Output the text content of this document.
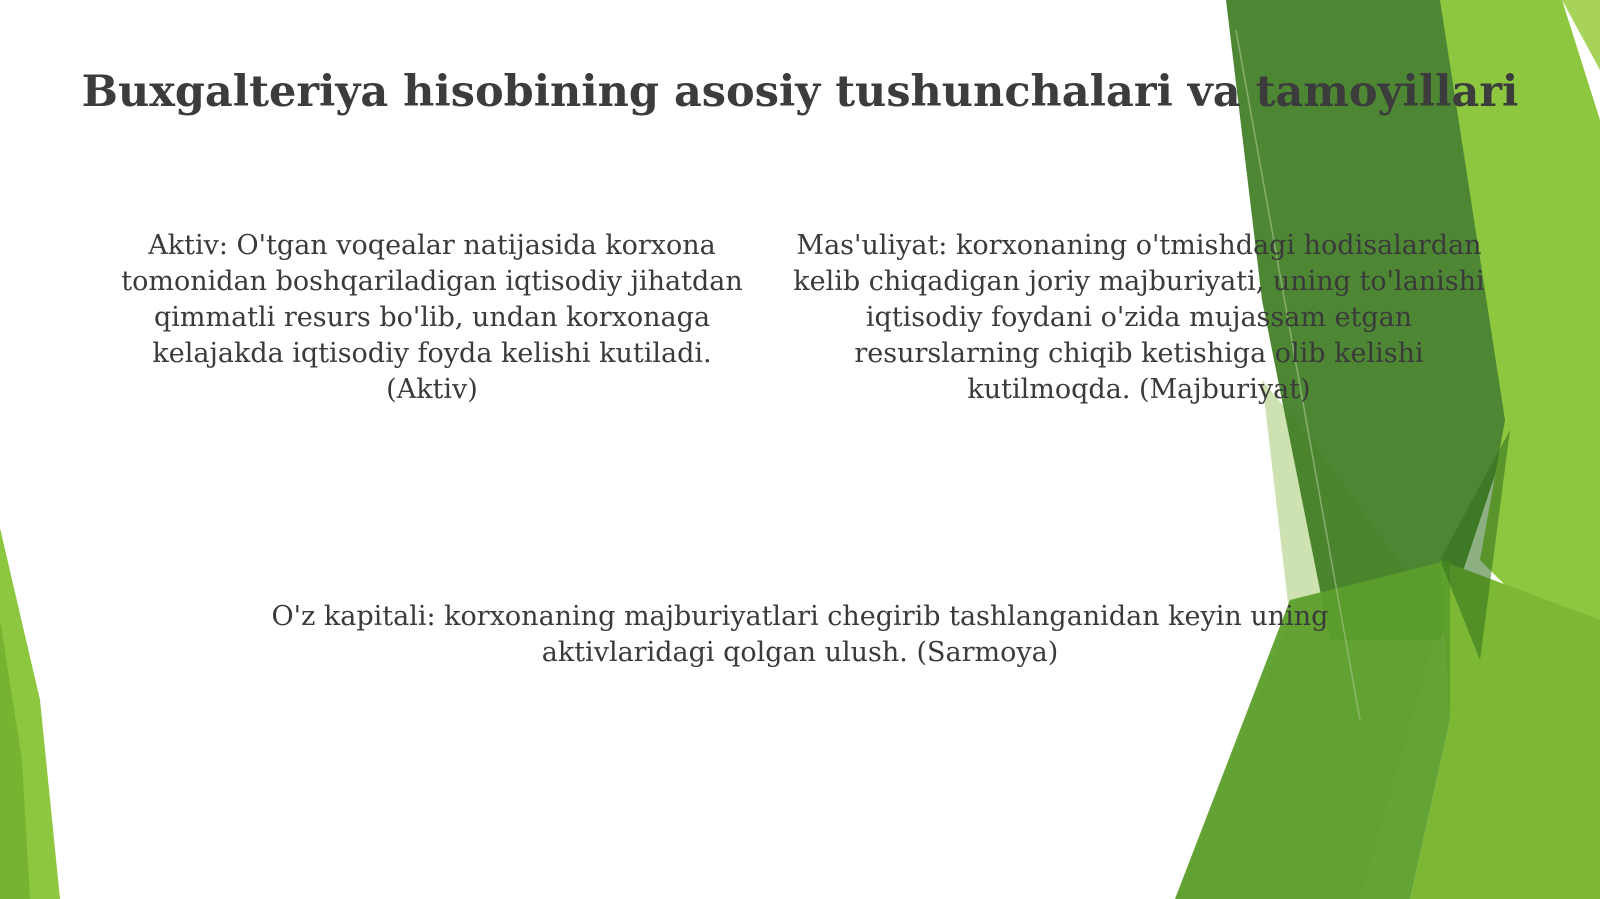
Buxgalteriya hisobining asosiy tushunchalari va tamoyillari
Aktiv: O'tgan voqealar natijasida korxona tomonidan boshqariladigan iqtisodiy jihatdan qimmatli resurs bo'lib, undan korxonaga kelajakda iqtisodiy foyda kelishi kutiladi. (Aktiv)
Mas'uliyat: korxonaning o'tmishdagi hodisalardan kelib chiqadigan joriy majburiyati, uning to'lanishi iqtisodiy foydani o'zida mujassam etgan resurslarning chiqib ketishiga olib kelishi kutilmoqda. (Majburiyat)
O'z kapitali: korxonaning majburiyatlari chegirib tashlanganidan keyin uning aktivlaridagi qolgan ulush. (Sarmoya)
